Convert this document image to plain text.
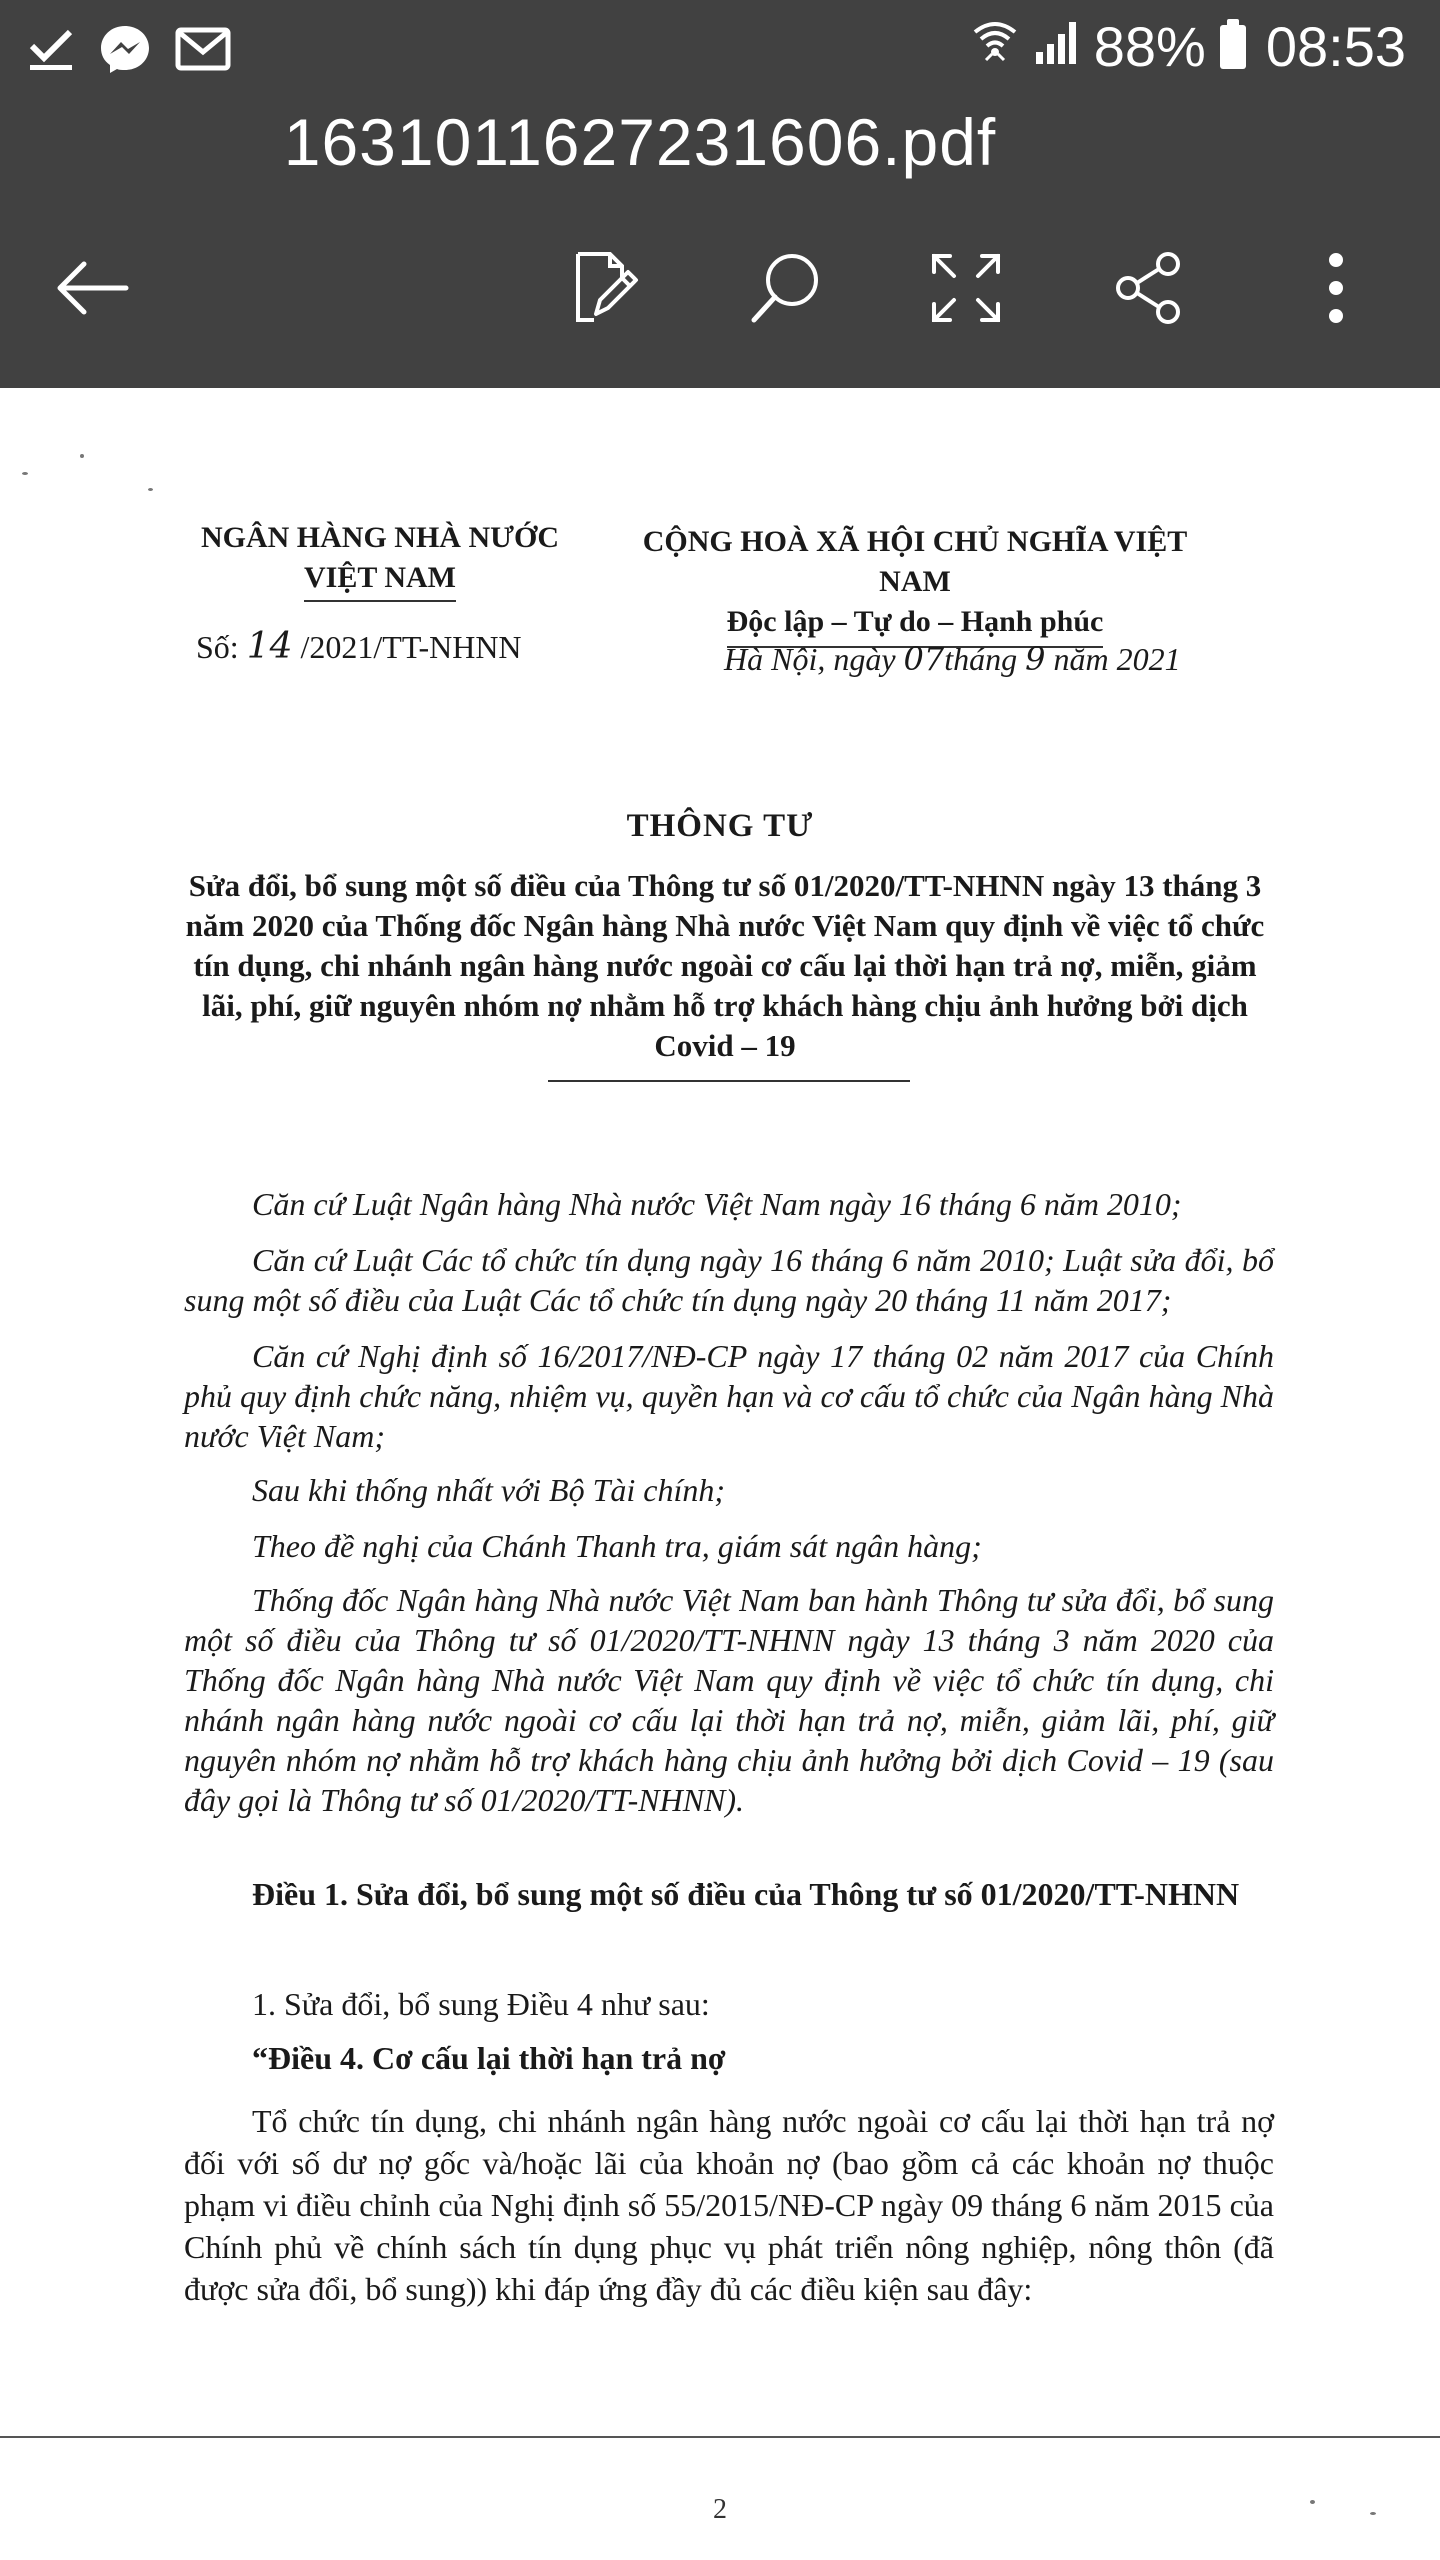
88% 08:53
1631011627231606.pdf
NGÂN HÀNG NHÀ NƯỚC
VIỆT NAM
CỘNG HOÀ XÃ HỘI CHỦ NGHĨA VIỆT NAM
Độc lập – Tự do – Hạnh phúc
Số: 14 /2021/TT-NHNN	Hà Nội, ngày 07tháng 9 năm 2021
THÔNG TƯ
Sửa đổi, bổ sung một số điều của Thông tư số 01/2020/TT-NHNN ngày 13 tháng 3 năm 2020 của Thống đốc Ngân hàng Nhà nước Việt Nam quy định về việc tổ chức tín dụng, chi nhánh ngân hàng nước ngoài cơ cấu lại thời hạn trả nợ, miễn, giảm lãi, phí, giữ nguyên nhóm nợ nhằm hỗ trợ khách hàng chịu ảnh hưởng bởi dịch Covid – 19
Căn cứ Luật Ngân hàng Nhà nước Việt Nam ngày 16 tháng 6 năm 2010;
Căn cứ Luật Các tổ chức tín dụng ngày 16 tháng 6 năm 2010; Luật sửa đổi, bổ sung một số điều của Luật Các tổ chức tín dụng ngày 20 tháng 11 năm 2017;
Căn cứ Nghị định số 16/2017/NĐ-CP ngày 17 tháng 02 năm 2017 của Chính phủ quy định chức năng, nhiệm vụ, quyền hạn và cơ cấu tổ chức của Ngân hàng Nhà nước Việt Nam;
Sau khi thống nhất với Bộ Tài chính;
Theo đề nghị của Chánh Thanh tra, giám sát ngân hàng;
Thống đốc Ngân hàng Nhà nước Việt Nam ban hành Thông tư sửa đổi, bổ sung một số điều của Thông tư số 01/2020/TT-NHNN ngày 13 tháng 3 năm 2020 của Thống đốc Ngân hàng Nhà nước Việt Nam quy định về việc tổ chức tín dụng, chi nhánh ngân hàng nước ngoài cơ cấu lại thời hạn trả nợ, miễn, giảm lãi, phí, giữ nguyên nhóm nợ nhằm hỗ trợ khách hàng chịu ảnh hưởng bởi dịch Covid – 19 (sau đây gọi là Thông tư số 01/2020/TT-NHNN).
Điều 1. Sửa đổi, bổ sung một số điều của Thông tư số 01/2020/TT-NHNN
1. Sửa đổi, bổ sung Điều 4 như sau:
“Điều 4. Cơ cấu lại thời hạn trả nợ
Tổ chức tín dụng, chi nhánh ngân hàng nước ngoài cơ cấu lại thời hạn trả nợ đối với số dư nợ gốc và/hoặc lãi của khoản nợ (bao gồm cả các khoản nợ thuộc phạm vi điều chỉnh của Nghị định số 55/2015/NĐ-CP ngày 09 tháng 6 năm 2015 của Chính phủ về chính sách tín dụng phục vụ phát triển nông nghiệp, nông thôn (đã được sửa đổi, bổ sung)) khi đáp ứng đầy đủ các điều kiện sau đây:
2
